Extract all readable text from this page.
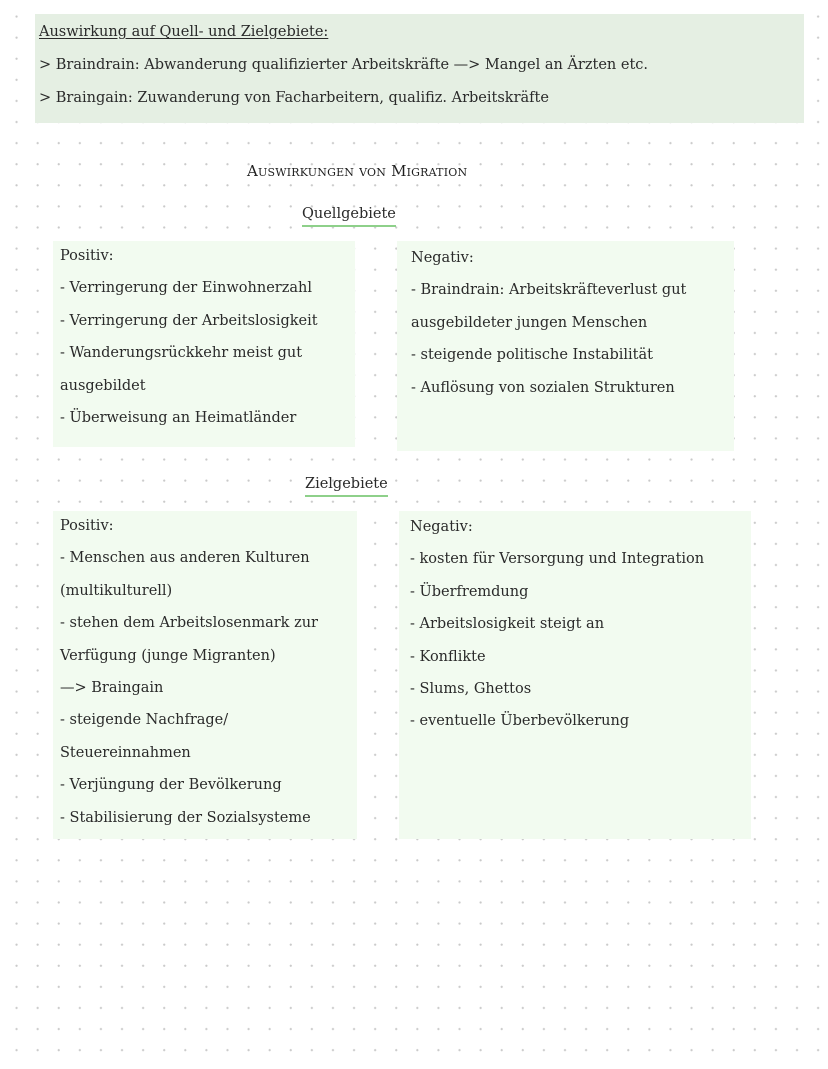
Auswirkung auf Quell- und Zielgebiete:
> Braindrain: Abwanderung qualifizierter Arbeitskräfte —> Mangel an Ärzten etc.
> Braingain: Zuwanderung von Facharbeitern, qualifiz. Arbeitskräfte
Auswirkungen von Migration
Quellgebiete
Positiv:
- Verringerung der Einwohnerzahl
- Verringerung der Arbeitslosigkeit
- Wanderungsrückkehr meist gut
ausgebildet
- Überweisung an Heimatländer
Negativ:
- Braindrain: Arbeitskräfteverlust gut
ausgebildeter jungen Menschen
- steigende politische Instabilität
- Auflösung von sozialen Strukturen
Zielgebiete
Positiv:
- Menschen aus anderen Kulturen
(multikulturell)
- stehen dem Arbeitslosenmark zur
Verfügung (junge Migranten)
—> Braingain
- steigende Nachfrage/
Steuereinnahmen
- Verjüngung der Bevölkerung
- Stabilisierung der Sozialsysteme
Negativ:
- kosten für Versorgung und Integration
- Überfremdung
- Arbeitslosigkeit steigt an
- Konflikte
- Slums, Ghettos
- eventuelle Überbevölkerung
